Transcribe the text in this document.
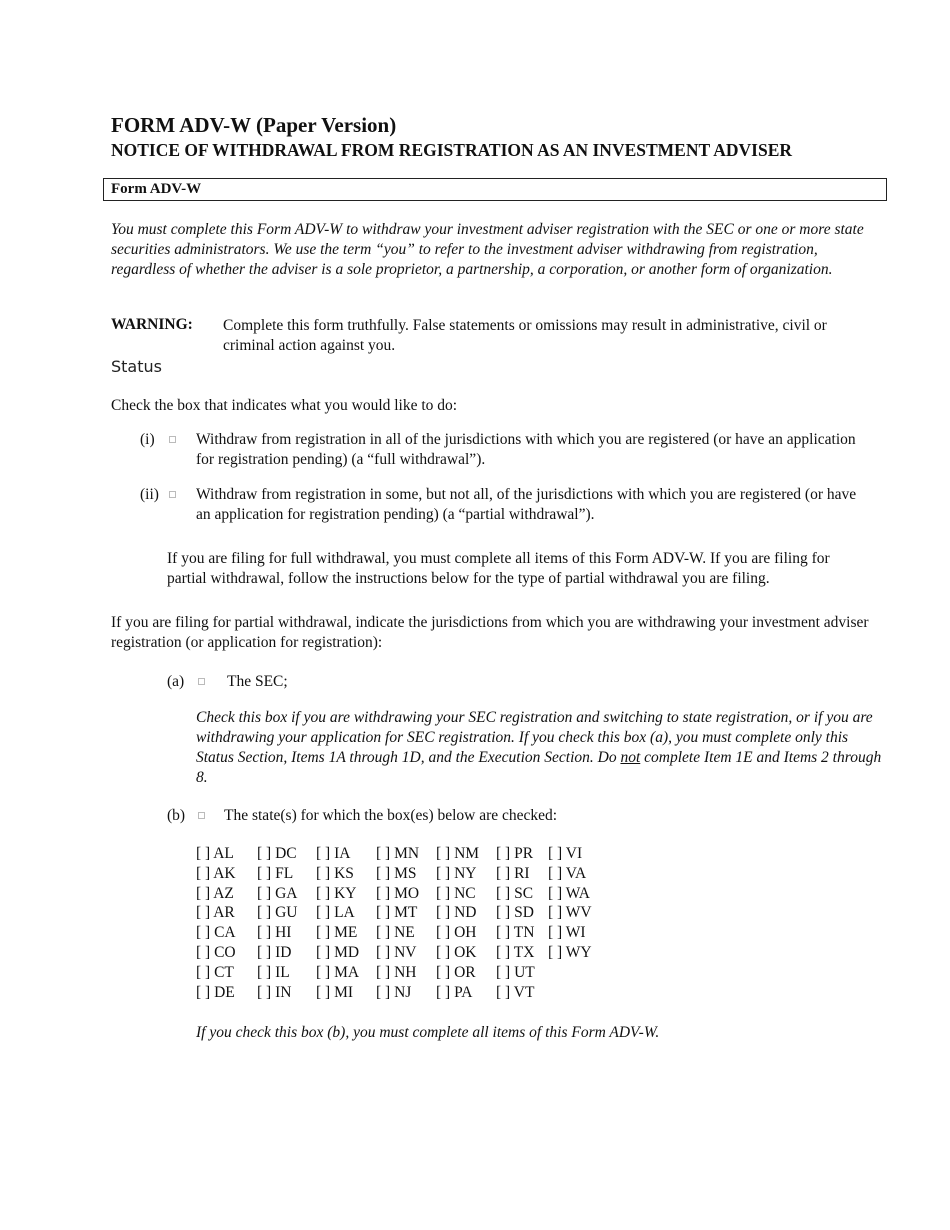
FORM ADV-W (Paper Version)
NOTICE OF WITHDRAWAL FROM REGISTRATION AS AN INVESTMENT ADVISER
Form ADV-W
You must complete this Form ADV-W to withdraw your investment adviser registration with the SEC or one or more state securities administrators. We use the term “you” to refer to the investment adviser withdrawing from registration, regardless of whether the adviser is a sole proprietor, a partnership, a corporation, or another form of organization.
WARNING: Complete this form truthfully. False statements or omissions may result in administrative, civil or criminal action against you.
Status
Check the box that indicates what you would like to do:
(i)	Withdraw from registration in all of the jurisdictions with which you are registered (or have an application for registration pending) (a “full withdrawal”).
(ii) Withdraw from registration in some, but not all, of the jurisdictions with which you are registered (or have an application for registration pending) (a “partial withdrawal”).
If you are filing for full withdrawal, you must complete all items of this Form ADV-W. If you are filing for partial withdrawal, follow the instructions below for the type of partial withdrawal you are filing.
If you are filing for partial withdrawal, indicate the jurisdictions from which you are withdrawing your investment adviser registration (or application for registration):
(a)	The SEC;
Check this box if you are withdrawing your SEC registration and switching to state registration, or if you are withdrawing your application for SEC registration. If you check this box (a), you must complete only this Status Section, Items 1A through 1D, and the Execution Section. Do not complete Item 1E and Items 2 through 8.
(b)	The state(s) for which the box(es) below are checked:
[ ] AL [ ] DC [ ] IA [ ] MN [ ] NM [ ] PR [ ] VI
[ ] AK [ ] FL [ ] KS [ ] MS [ ] NY [ ] RI [ ] VA
[ ] AZ [ ] GA [ ] KY [ ] MO [ ] NC [ ] SC [ ] WA
[ ] AR [ ] GU [ ] LA [ ] MT [ ] ND [ ] SD [ ] WV
[ ] CA [ ] HI [ ] ME [ ] NE [ ] OH [ ] TN [ ] WI
[ ] CO [ ] ID [ ] MD [ ] NV [ ] OK [ ] TX [ ] WY
[ ] CT [ ] IL [ ] MA [ ] NH [ ] OR [ ] UT
[ ] DE [ ] IN [ ] MI [ ] NJ [ ] PA [ ] VT
If you check this box (b), you must complete all items of this Form ADV-W.
